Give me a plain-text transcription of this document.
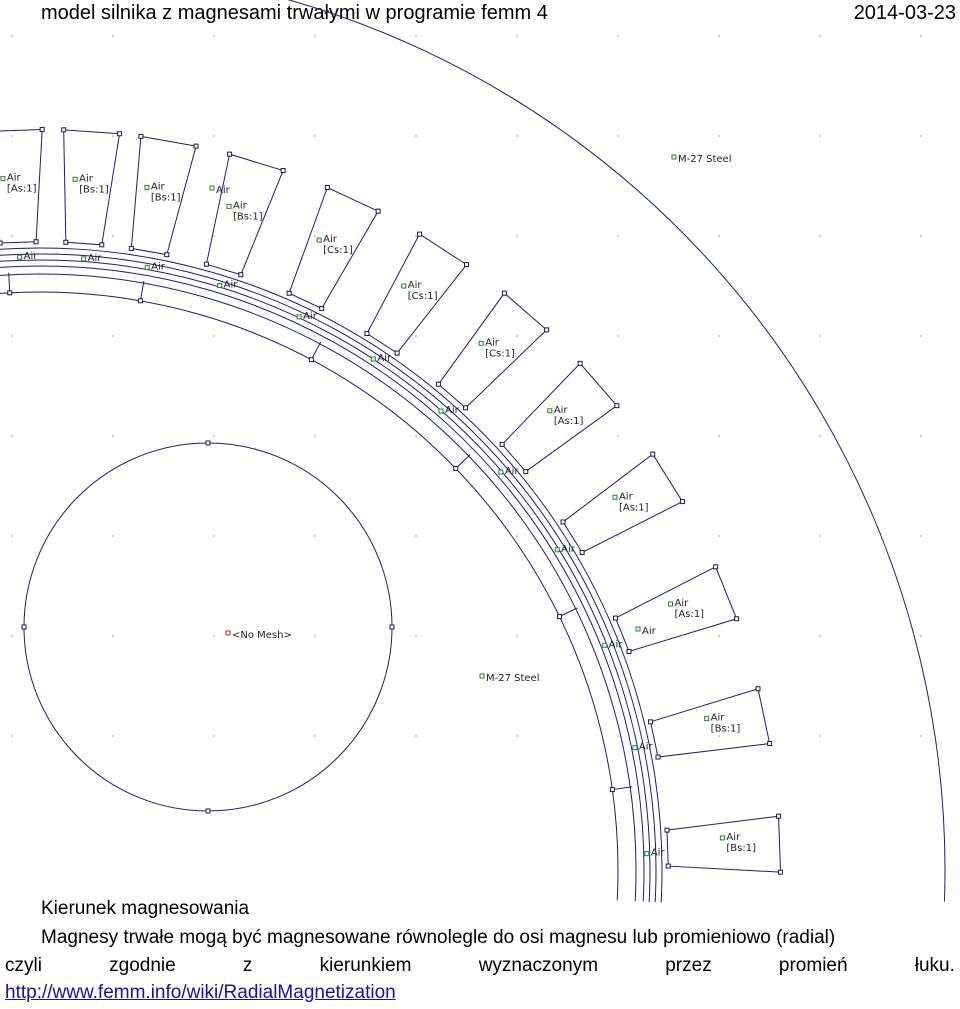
model silnika z magnesami trwałymi w programie femm 4	2014-03-23
Air
[As:1]
Air
Air
[Bs:1]
Air
Air
[Bs:1]
Air
Air
[Bs:1]
Air
Air
[Cs:1]
Air
Air
[Cs:1]
Air
Air
[Cs:1]
Air	Air
[As:1]
Air
Air
[As:1]
Air
Air
[As:1]
Air
Air
[Bs:1]
Air
Air
[Bs:1]
Air
M-27 Steel
M-27 Steel
<No Mesh>
Air
Air
Kierunek magnesowania
Magnesy trwałe mogą być magnesowane równolegle do osi magnesu lub promieniowo (radial)
czyli	zgodnie	z	kierunkiem	wyznaczonym	przez	promień	łuku.
http://www.femm.info/wiki/RadialMagnetization
